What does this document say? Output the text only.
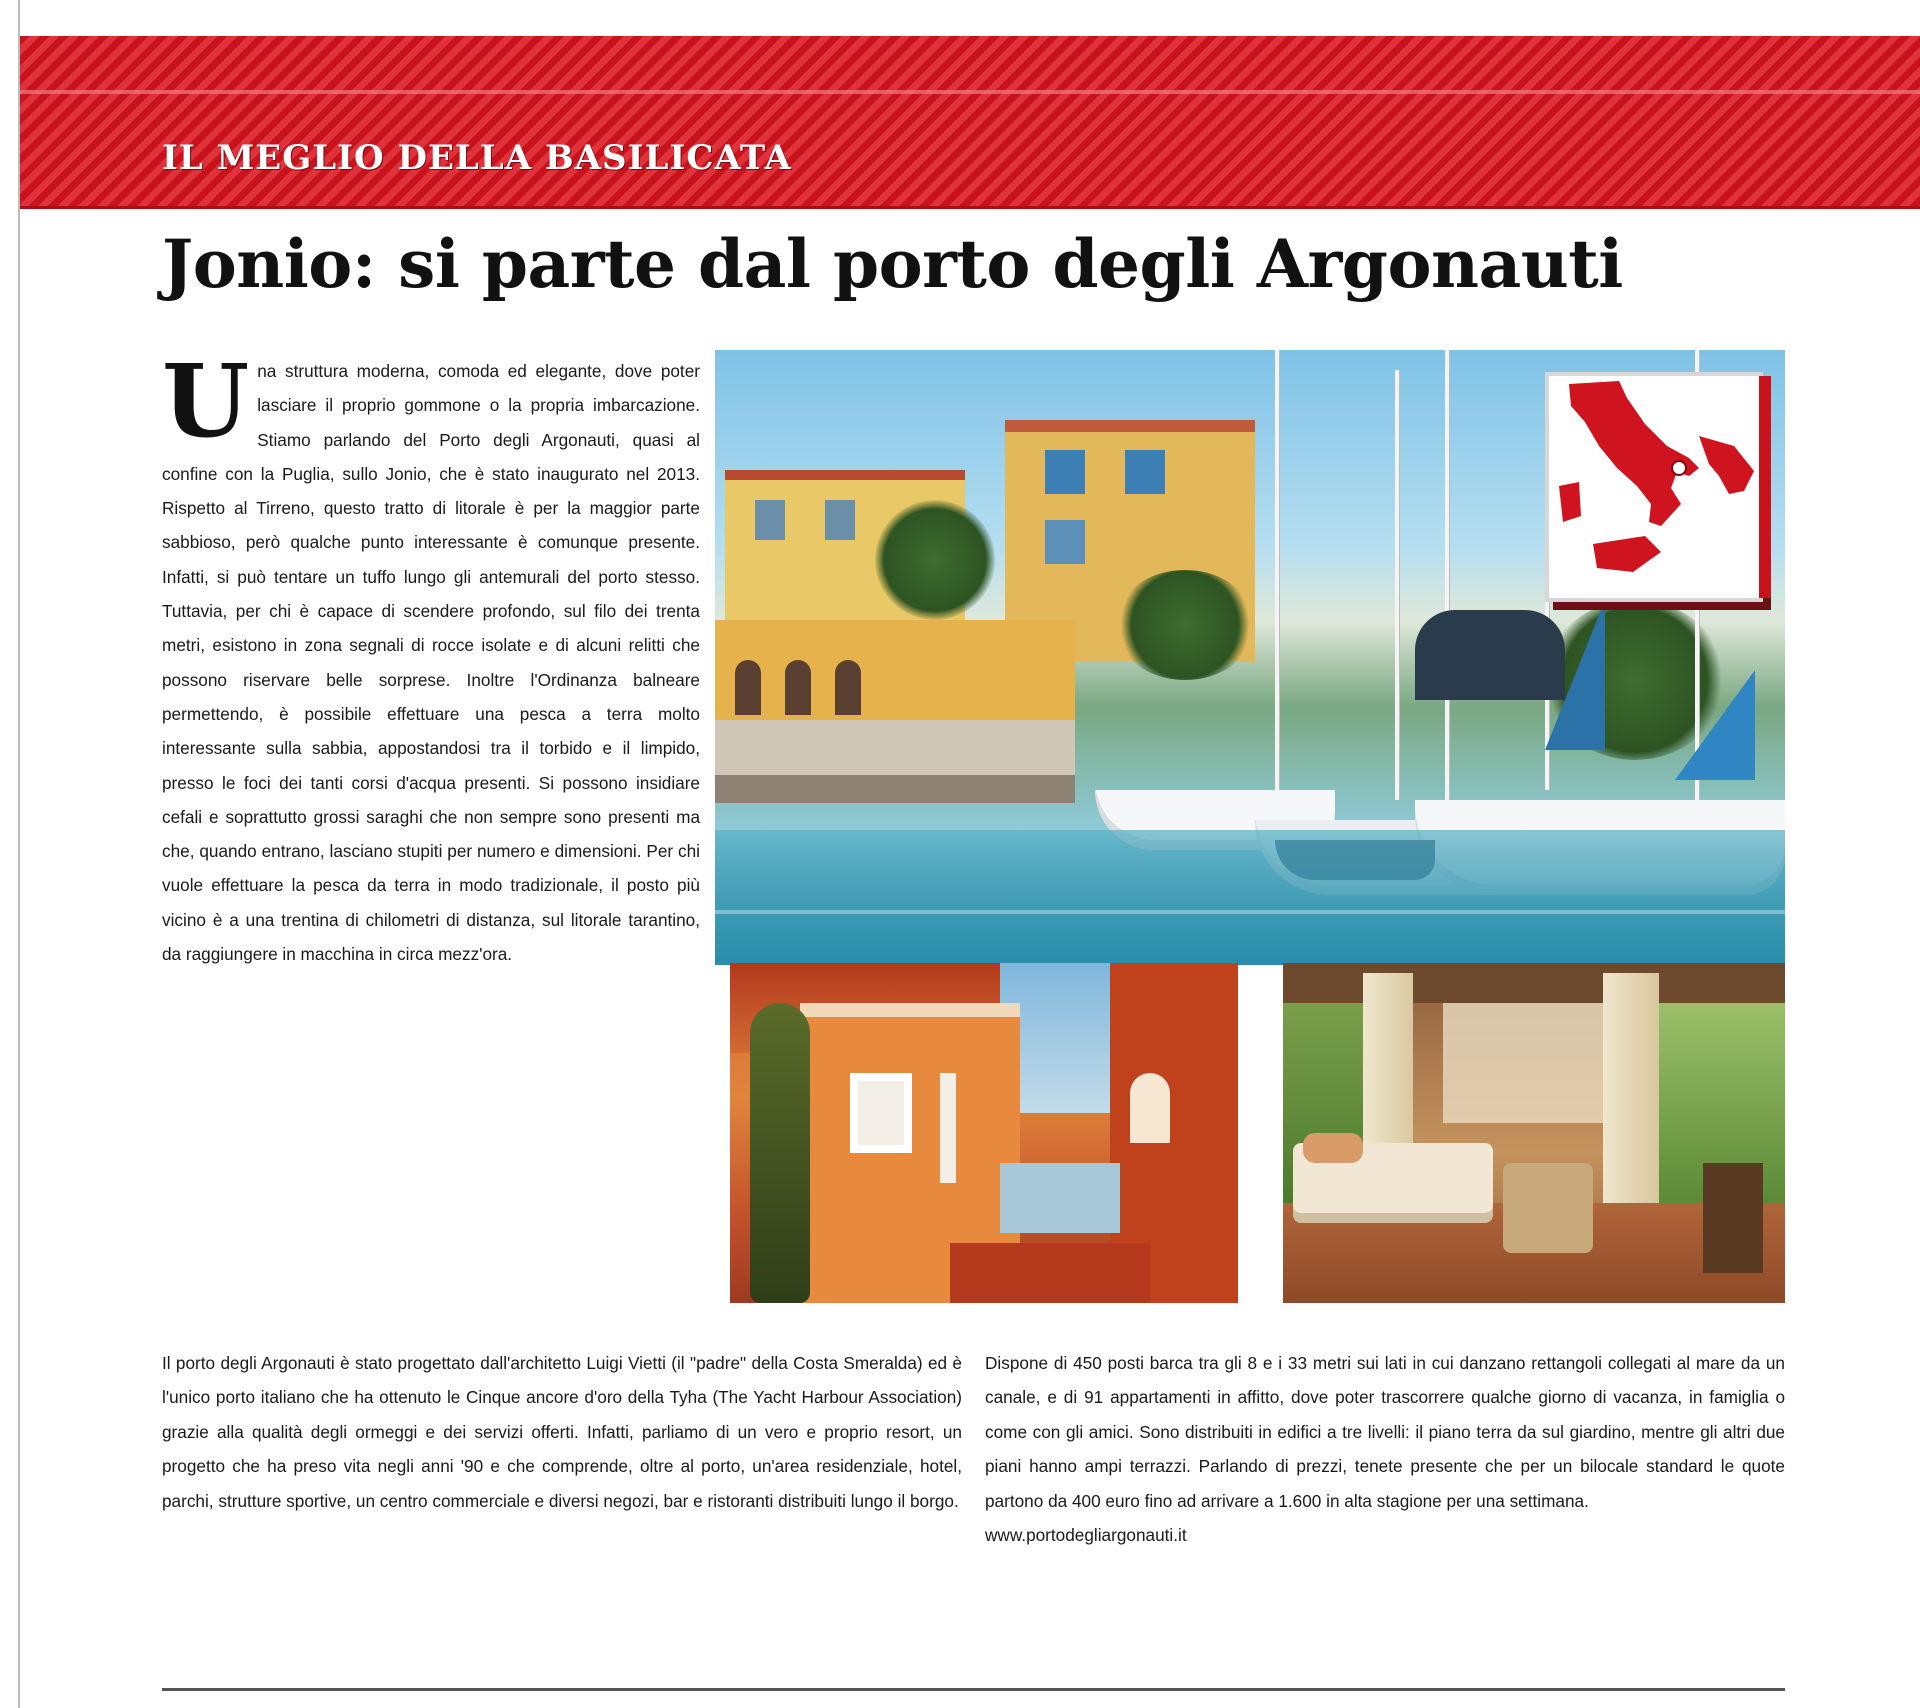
IL MEGLIO DELLA BASILICATA
Jonio: si parte dal porto degli Argonauti

Una struttura moderna, comoda ed elegante, dove poter lasciare il proprio gommone o la propria imbarcazione. Stiamo parlando del Porto degli Argonauti, quasi al confine con la Puglia, sullo Jonio, che è stato inaugurato nel 2013. Rispetto al Tirreno, questo tratto di litorale è per la maggior parte sabbioso, però qualche punto interessante è comunque presente. Infatti, si può tentare un tuffo lungo gli antemurali del porto stesso. Tuttavia, per chi è capace di scendere profondo, sul filo dei trenta metri, esistono in zona segnali di rocce isolate e di alcuni relitti che possono riservare belle sorprese. Inoltre l'Ordinanza balneare permettendo, è possibile effettuare una pesca a terra molto interessante sulla sabbia, appostandosi tra il torbido e il limpido, presso le foci dei tanti corsi d'acqua presenti. Si possono insidiare cefali e soprattutto grossi saraghi che non sempre sono presenti ma che, quando entrano, lasciano stupiti per numero e dimensioni. Per chi vuole effettuare la pesca da terra in modo tradizionale, il posto più vicino è a una trentina di chilometri di distanza, sul litorale tarantino, da raggiungere in macchina in circa mezz'ora.

Il porto degli Argonauti è stato progettato dall'architetto Luigi Vietti (il "padre" della Costa Smeralda) ed è l'unico porto italiano che ha ottenuto le Cinque ancore d'oro della Tyha (The Yacht Harbour Association) grazie alla qualità degli ormeggi e dei servizi offerti. Infatti, parliamo di un vero e proprio resort, un progetto che ha preso vita negli anni '90 e che comprende, oltre al porto, un'area residenziale, hotel, parchi, strutture sportive, un centro commerciale e diversi negozi, bar e ristoranti distribuiti lungo il borgo.

Dispone di 450 posti barca tra gli 8 e i 33 metri sui lati in cui danzano rettangoli collegati al mare da un canale, e di 91 appartamenti in affitto, dove poter trascorrere qualche giorno di vacanza, in famiglia o come con gli amici. Sono distribuiti in edifici a tre livelli: il piano terra da sul giardino, mentre gli altri due piani hanno ampi terrazzi. Parlando di prezzi, tenete presente che per un bilocale standard le quote partono da 400 euro fino ad arrivare a 1.600 in alta stagione per una settimana.
www.portodegliargonauti.it
